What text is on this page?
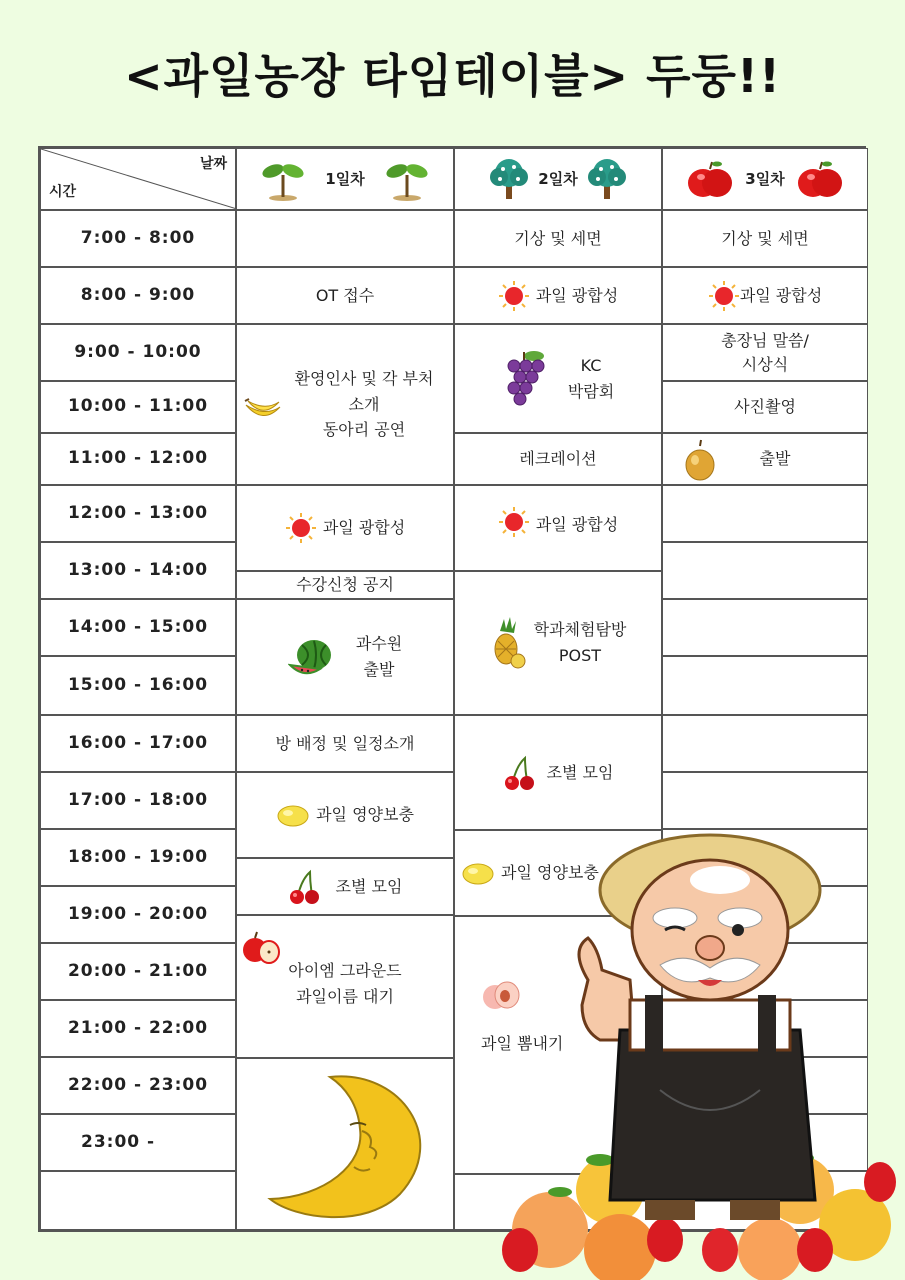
<과일농장 타임테이블> 두둥!!
날짜
시간
1일차	2일차	3일차
7:00 - 8:00
8:00 - 9:00
9:00 - 10:00
10:00 - 11:00
11:00 - 12:00
12:00 - 13:00
13:00 - 14:00
14:00 - 15:00
15:00 - 16:00
16:00 - 17:00
17:00 - 18:00
18:00 - 19:00
19:00 - 20:00
20:00 - 21:00
21:00 - 22:00
22:00 - 23:00
23:00 -
OT 접수
환영인사 및 각 부처
소개
동아리 공연
과일 광합성
수강신청 공지
과수원
출발
방 배정 및 일정소개
과일 영양보충
조별 모임
아이엠 그라운드
과일이름 대기
기상 및 세면
과일 광합성
KC
박람회
레크레이션
과일 광합성
학과체험탐방
POST
조별 모임
과일 영양보충
과일 뽐내기
기상 및 세면
과일 광합성
총장님 말씀/
시상식
사진촬영
출발
